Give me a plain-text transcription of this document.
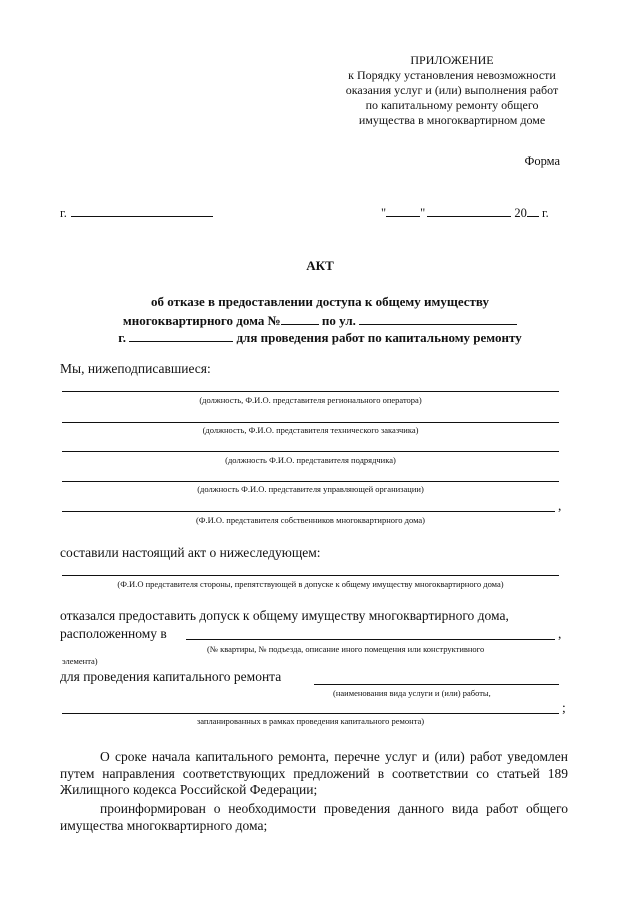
ПРИЛОЖЕНИЕ
к Порядку установления невозможности
оказания услуг и (или) выполнения работ
по капитальному ремонту общего
имущества в многоквартирном доме
Форма
г.	"	"	20 г.
АКТ
об отказе в предоставлении доступа к общему имуществу
многоквартирного дома №	по ул.
г.	для проведения работ по капитальному ремонту
Мы, нижеподписавшиеся:
(должность, Ф.И.О. представителя регионального оператора)
(должность, Ф.И.О. представителя технического заказчика)
(должность Ф.И.О. представителя подрядчика)
(должность Ф.И.О. представителя управляющей организации)
,
(Ф.И.О. представителя собственников многоквартирного дома)
составили настоящий акт о нижеследующем:
(Ф.И.О представителя стороны, препятствующей в допуске к общему имуществу многоквартирного дома)
отказался предоставить допуск к общему имуществу многоквартирного дома,
расположенному в	,
(№ квартиры, № подъезда, описание иного помещения или конструктивного
элемента)
для проведения капитального ремонта
(наименования вида услуги и (или) работы,
;
запланированных в рамках проведения капитального ремонта)
О сроке начала капитального ремонта, перечне услуг и (или) работ уведомлен путем направления соответствующих предложений в соответствии со статьей 189 Жилищного кодекса Российской Федерации;
проинформирован о необходимости проведения данного вида работ общего имущества многоквартирного дома;
